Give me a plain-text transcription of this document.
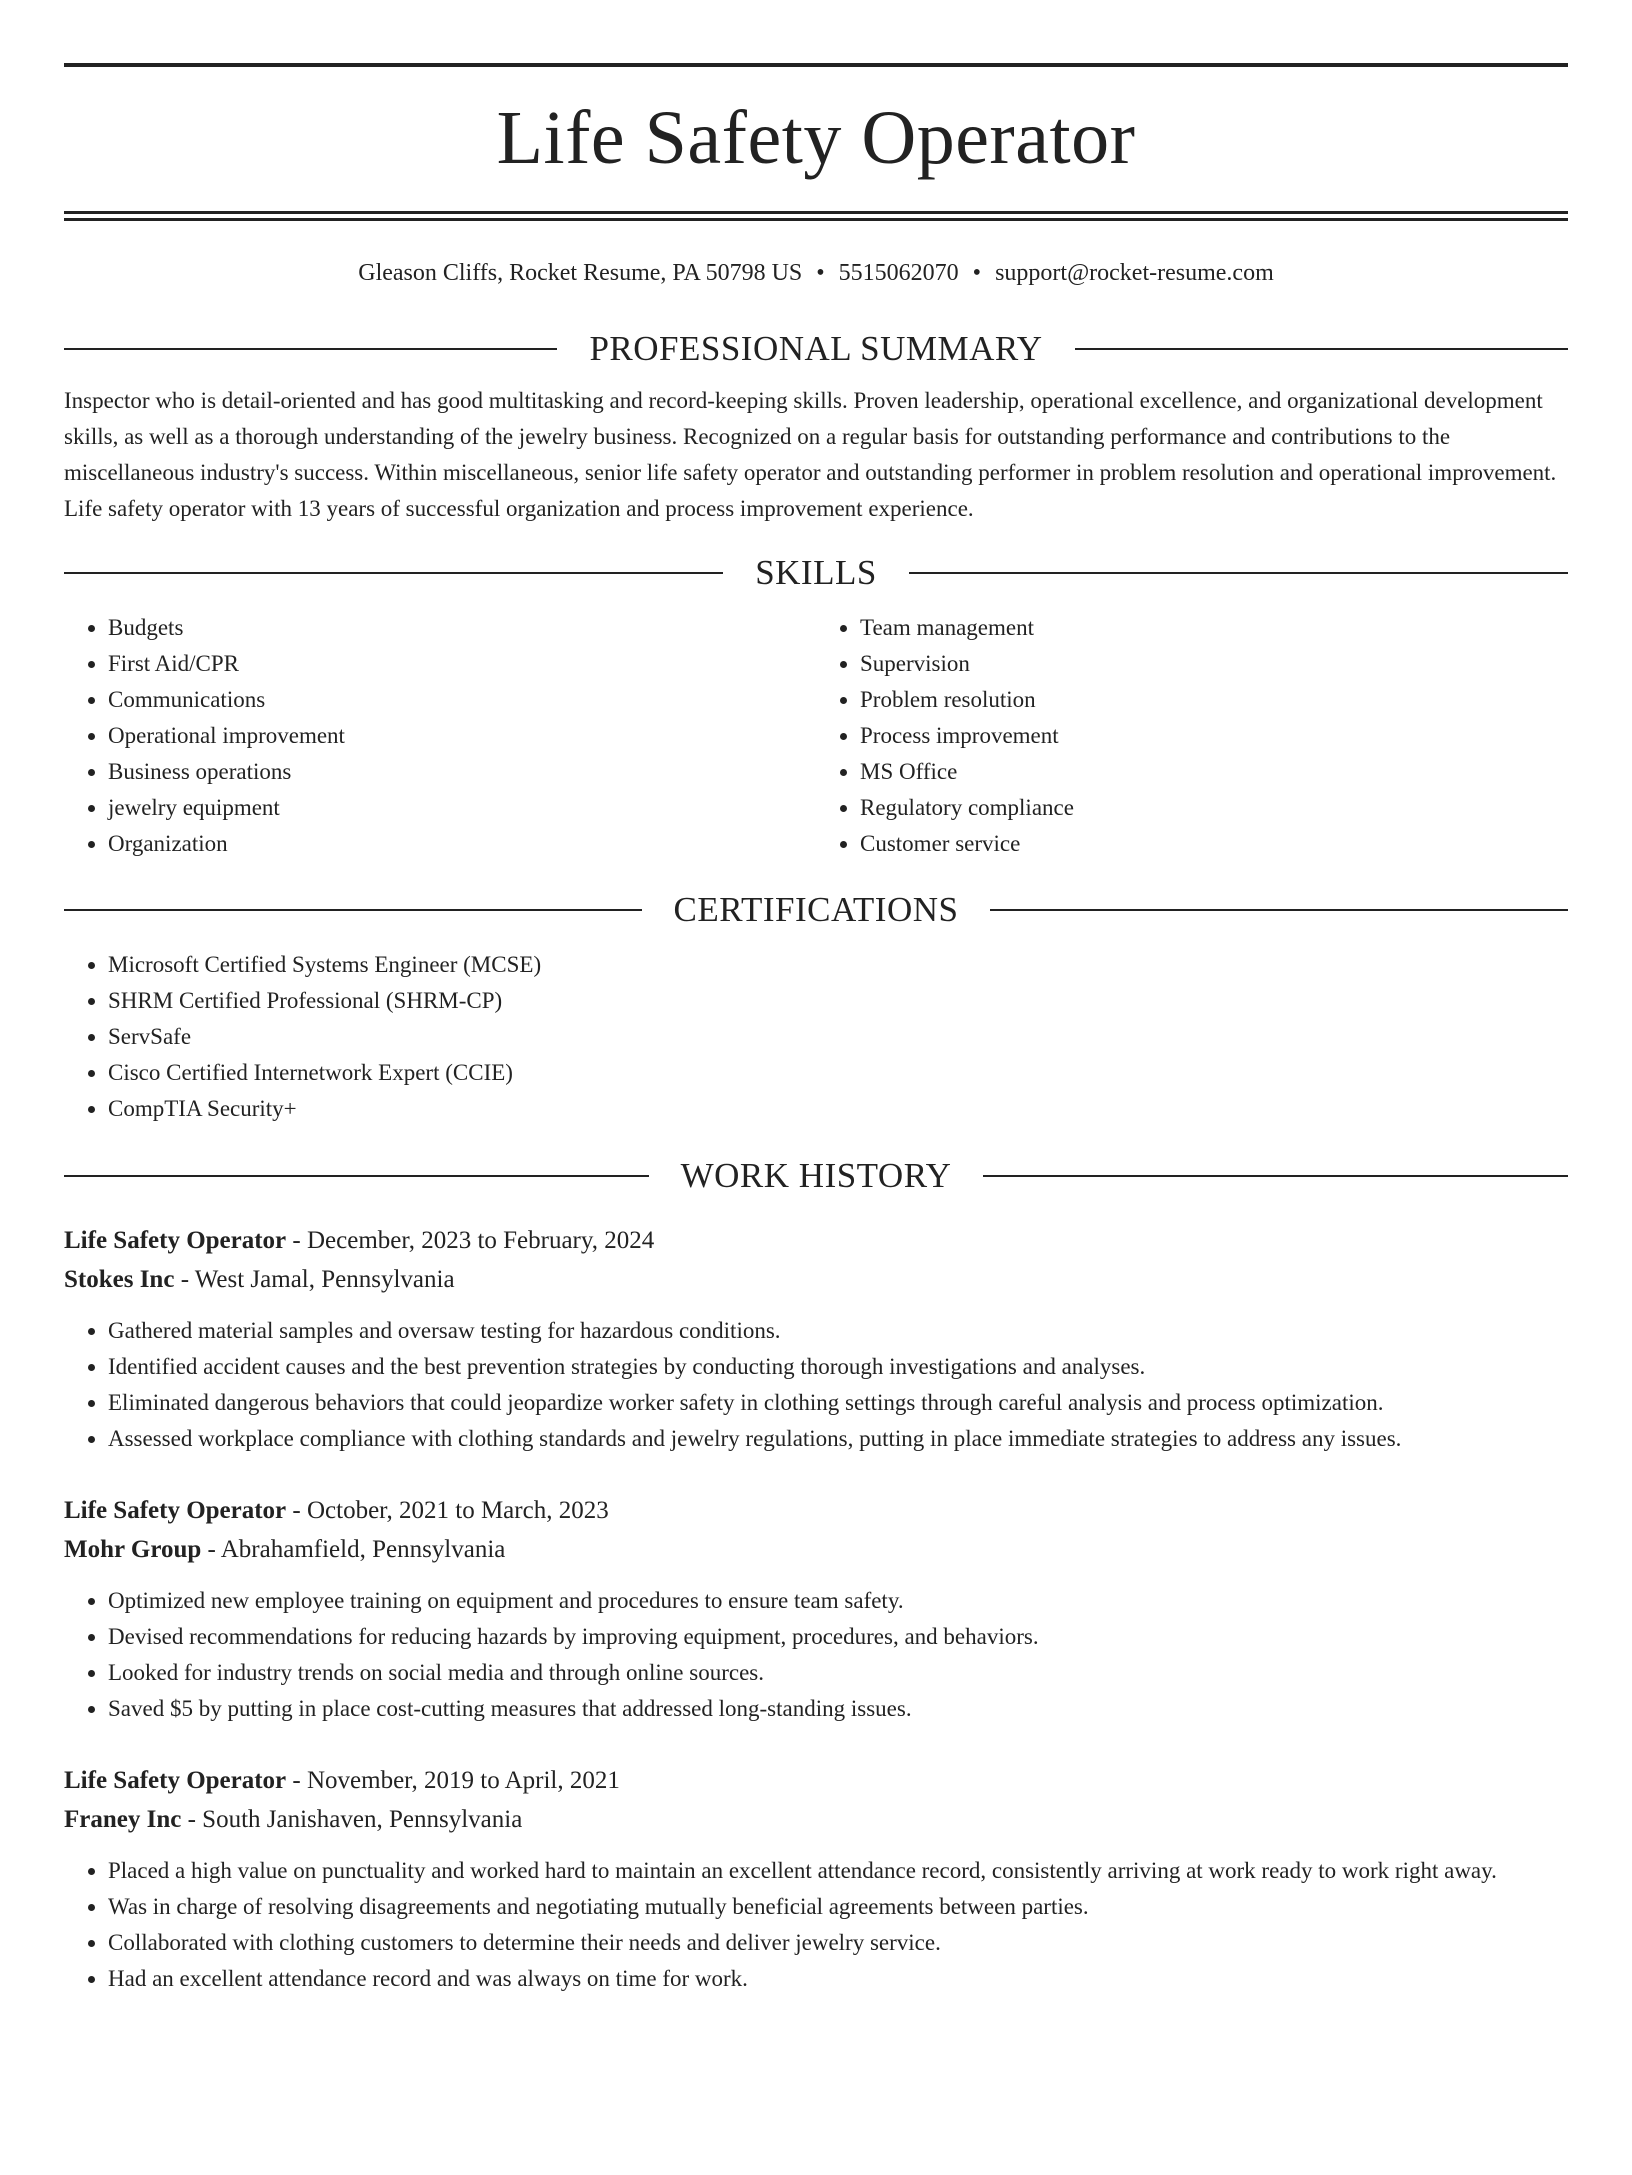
Life Safety Operator
Gleason Cliffs, Rocket Resume, PA 50798 US • 5515062070 • support@rocket-resume.com
PROFESSIONAL SUMMARY

Inspector who is detail-oriented and has good multitasking and record-keeping skills. Proven leadership, operational excellence, and organizational development skills, as well as a thorough understanding of the jewelry business. Recognized on a regular basis for outstanding performance and contributions to the miscellaneous industry's success. Within miscellaneous, senior life safety operator and outstanding performer in problem resolution and operational improvement. Life safety operator with 13 years of successful organization and process improvement experience.

SKILLS
• Budgets
• First Aid/CPR
• Communications
• Operational improvement
• Business operations
• jewelry equipment
• Organization
• Team management
• Supervision
• Problem resolution
• Process improvement
• MS Office
• Regulatory compliance
• Customer service
CERTIFICATIONS
• Microsoft Certified Systems Engineer (MCSE)
• SHRM Certified Professional (SHRM-CP)
• ServSafe
• Cisco Certified Internetwork Expert (CCIE)
• CompTIA Security+
WORK HISTORY
Life Safety Operator - December, 2023 to February, 2024
Stokes Inc - West Jamal, Pennsylvania
• Gathered material samples and oversaw testing for hazardous conditions.
• Identified accident causes and the best prevention strategies by conducting thorough investigations and analyses.
• Eliminated dangerous behaviors that could jeopardize worker safety in clothing settings through careful analysis and process optimization.
• Assessed workplace compliance with clothing standards and jewelry regulations, putting in place immediate strategies to address any issues.
Life Safety Operator - October, 2021 to March, 2023
Mohr Group - Abrahamfield, Pennsylvania
• Optimized new employee training on equipment and procedures to ensure team safety.
• Devised recommendations for reducing hazards by improving equipment, procedures, and behaviors.
• Looked for industry trends on social media and through online sources.
• Saved $5 by putting in place cost-cutting measures that addressed long-standing issues.
Life Safety Operator - November, 2019 to April, 2021
Franey Inc - South Janishaven, Pennsylvania
• Placed a high value on punctuality and worked hard to maintain an excellent attendance record, consistently arriving at work ready to work right away.
• Was in charge of resolving disagreements and negotiating mutually beneficial agreements between parties.
• Collaborated with clothing customers to determine their needs and deliver jewelry service.
• Had an excellent attendance record and was always on time for work.
